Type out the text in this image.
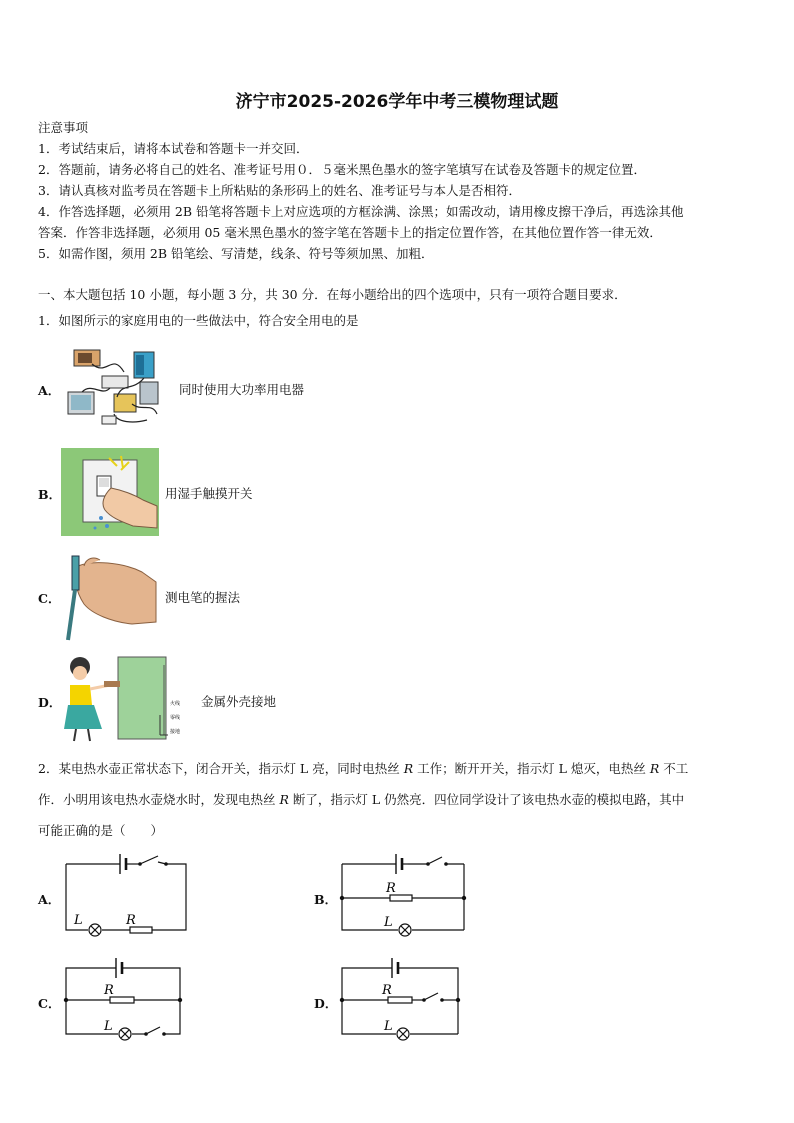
济宁市2025-2026学年中考三模物理试题
注意事项
1．考试结束后，请将本试卷和答题卡一并交回．
2．答题前，请务必将自己的姓名、准考证号用０．５毫米黑色墨水的签字笔填写在试卷及答题卡的规定位置．
3．请认真核对监考员在答题卡上所粘贴的条形码上的姓名、准考证号与本人是否相符．
4．作答选择题，必须用 2B 铅笔将答题卡上对应选项的方框涂满、涂黑；如需改动，请用橡皮擦干净后，再选涂其他
答案．作答非选择题，必须用 05 毫米黑色墨水的签字笔在答题卡上的指定位置作答，在其他位置作答一律无效．
5．如需作图，须用 2B 铅笔绘、写清楚，线条、符号等须加黑、加粗．
一、本大题包括 10 小题，每小题 3 分，共 30 分．在每小题给出的四个选项中，只有一项符合题目要求．
1．如图所示的家庭用电的一些做法中，符合安全用电的是
A．	同时使用大功率用电器
B．	用湿手触摸开关
C．	测电笔的握法
D．	火线
零线
接地
金属外壳接地
2．某电热水壶正常状态下，闭合开关，指示灯 L 亮，同时电热丝 R 工作；断开开关，指示灯 L 熄灭，电热丝 R 不工
作．小明用该电热水壶烧水时，发现电热丝 R 断了，指示灯 L 仍然亮．四位同学设计了该电热水壶的模拟电路，其中
可能正确的是（　　）
A．
L	R
B．
R
L
C．
R
L
D．
R
L
